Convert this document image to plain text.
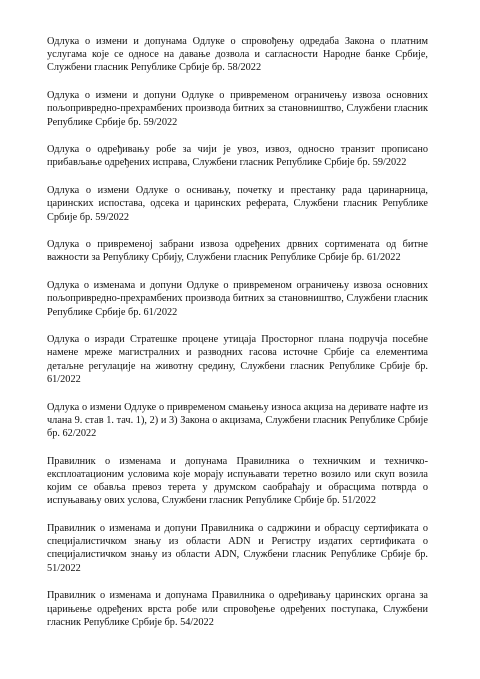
Одлука о измени и допунама Одлуке о спровођењу одредаба Закона о платним услугама које се односе на давање дозвола и сагласности Народне банке Србије, Службени гласник Републике Србије бр. 58/2022

Одлука о измени и допуни Одлуке о привременом ограничењу извоза основних пољопривредно-прехрамбених производа битних за становништво, Службени гласник Републике Србије бр. 59/2022

Одлука о одређивању робе за чији је увоз, извоз, односно транзит прописано прибављање одређених исправа, Службени гласник Републике Србије бр. 59/2022

Одлука о измени Одлуке о оснивању, почетку и престанку рада царинарница, царинских испостава, одсека и царинских реферата, Службени гласник Републике Србије бр. 59/2022

Одлука о привременој забрани извоза одређених дрвних сортимената од битне важности за Републику Србију, Службени гласник Републике Србије бр. 61/2022

Одлука о изменама и допуни Одлуке о привременом ограничењу извоза основних пољопривредно-прехрамбених производа битних за становништво, Службени гласник Републике Србије бр. 61/2022

Одлука о изради Стратешке процене утицаја Просторног плана подручја посебне намене мреже магистралних и разводних гасова источне Србије са елементима детаљне регулације на животну средину, Службени гласник Републике Србије бр. 61/2022

Одлука о измени Одлуке о привременом смањењу износа акциза на деривате нафте из члана 9. став 1. тач. 1), 2) и 3) Закона о акцизама, Службени гласник Републике Србије бр. 62/2022

Правилник о изменама и допунама Правилника о техничким и техничко-експлоатационим условима које морају испуњавати теретно возило или скуп возила којим се обавља превоз терета у друмском саобраћају и обрасцима потврда о испуњавању ових услова, Службени гласник Републике Србије бр. 51/2022

Правилник о изменама и допуни Правилника о садржини и обрасцу сертификата о специјалистичком знању из области ADN и Регистру издатих сертификата о специјалистичком знању из области ADN, Службени гласник Републике Србије бр. 51/2022

Правилник о изменама и допунама Правилника о одређивању царинских органа за царињење одређених врста робе или спровођење одређених поступака, Службени гласник Републике Србије бр. 54/2022
